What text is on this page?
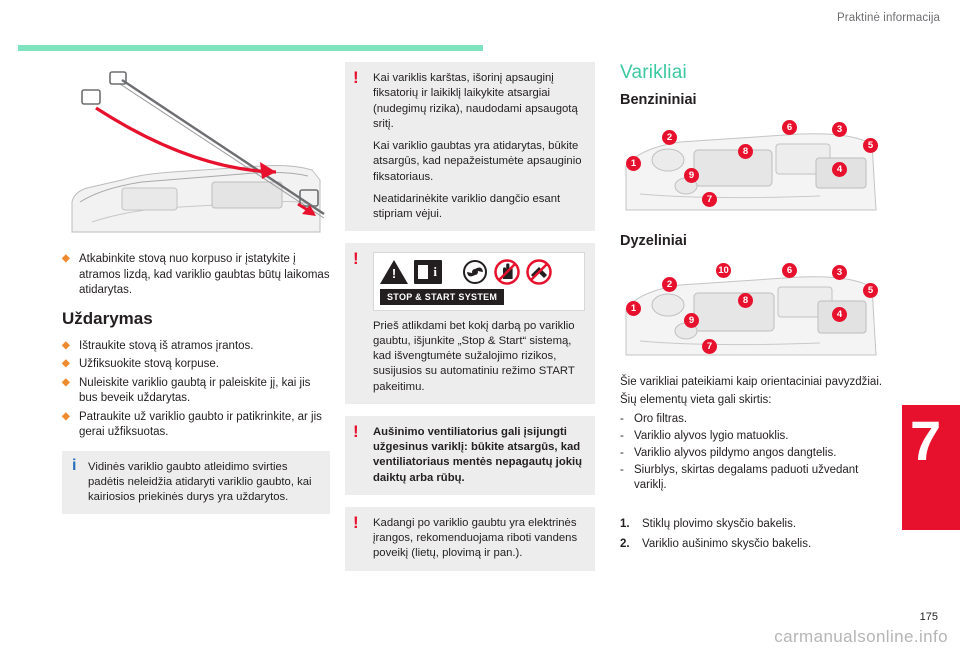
Praktinė informacija
7
◆ Atkabinkite stovą nuo korpuso ir įstatykite į atramos lizdą, kad variklio gaubtas būtų laikomas atidarytas.
Uždarymas
◆ Ištraukite stovą iš atramos įrantos.
◆ Užfiksuokite stovą korpuse.
◆ Nuleiskite variklio gaubtą ir paleiskite jį, kai jis bus beveik uždarytas.
◆ Patraukite už variklio gaubto ir patikrinkite, ar jis gerai užfiksuotas.
i Vidinės variklio gaubto atleidimo svirties padėtis neleidžia atidaryti variklio gaubto, kai kairiosios priekinės durys yra uždarytos.

! Kai variklis karštas, išorinį apsauginį fiksatorių ir laikiklį laikykite atsargiai (nudegimų rizika), naudodami apsaugotą sritį.

Kai variklio gaubtas yra atidarytas, būkite atsargūs, kad nepažeistumėte apsauginio fiksatoriaus.

Neatidarinėkite variklio dangčio esant stipriam vėjui.

!
!
i
STOP & START SYSTEM

Prieš atlikdami bet kokį darbą po variklio gaubtu, išjunkite „Stop & Start“ sistemą, kad išvengtumėte sužalojimo rizikos, susijusios su automatiniu režimo START pakeitimu.

! Aušinimo ventiliatorius gali įsijungti užgesinus variklį: būkite atsargūs, kad ventiliatoriaus mentės nepagautų jokių daiktų arba rūbų.

! Kadangi po variklio gaubtu yra elektrinės įrangos, rekomenduojama riboti vandens poveikį (lietų, plovimą ir pan.).

Varikliai
Benzininiai
1
2
3
4
5
6
7
8
9
Dyzeliniai
1
2
3
4
5
6
7
8
9
10

Šie varikliai pateikiami kaip orientaciniai pavyzdžiai.

Šių elementų vieta gali skirtis:

- Oro filtras.
- Variklio alyvos lygio matuoklis.
- Variklio alyvos pildymo angos dangtelis.
- Siurblys, skirtas degalams paduoti užvedant variklį.
1. Stiklų plovimo skysčio bakelis.
2. Variklio aušinimo skysčio bakelis.
175
carmanualsonline.info
